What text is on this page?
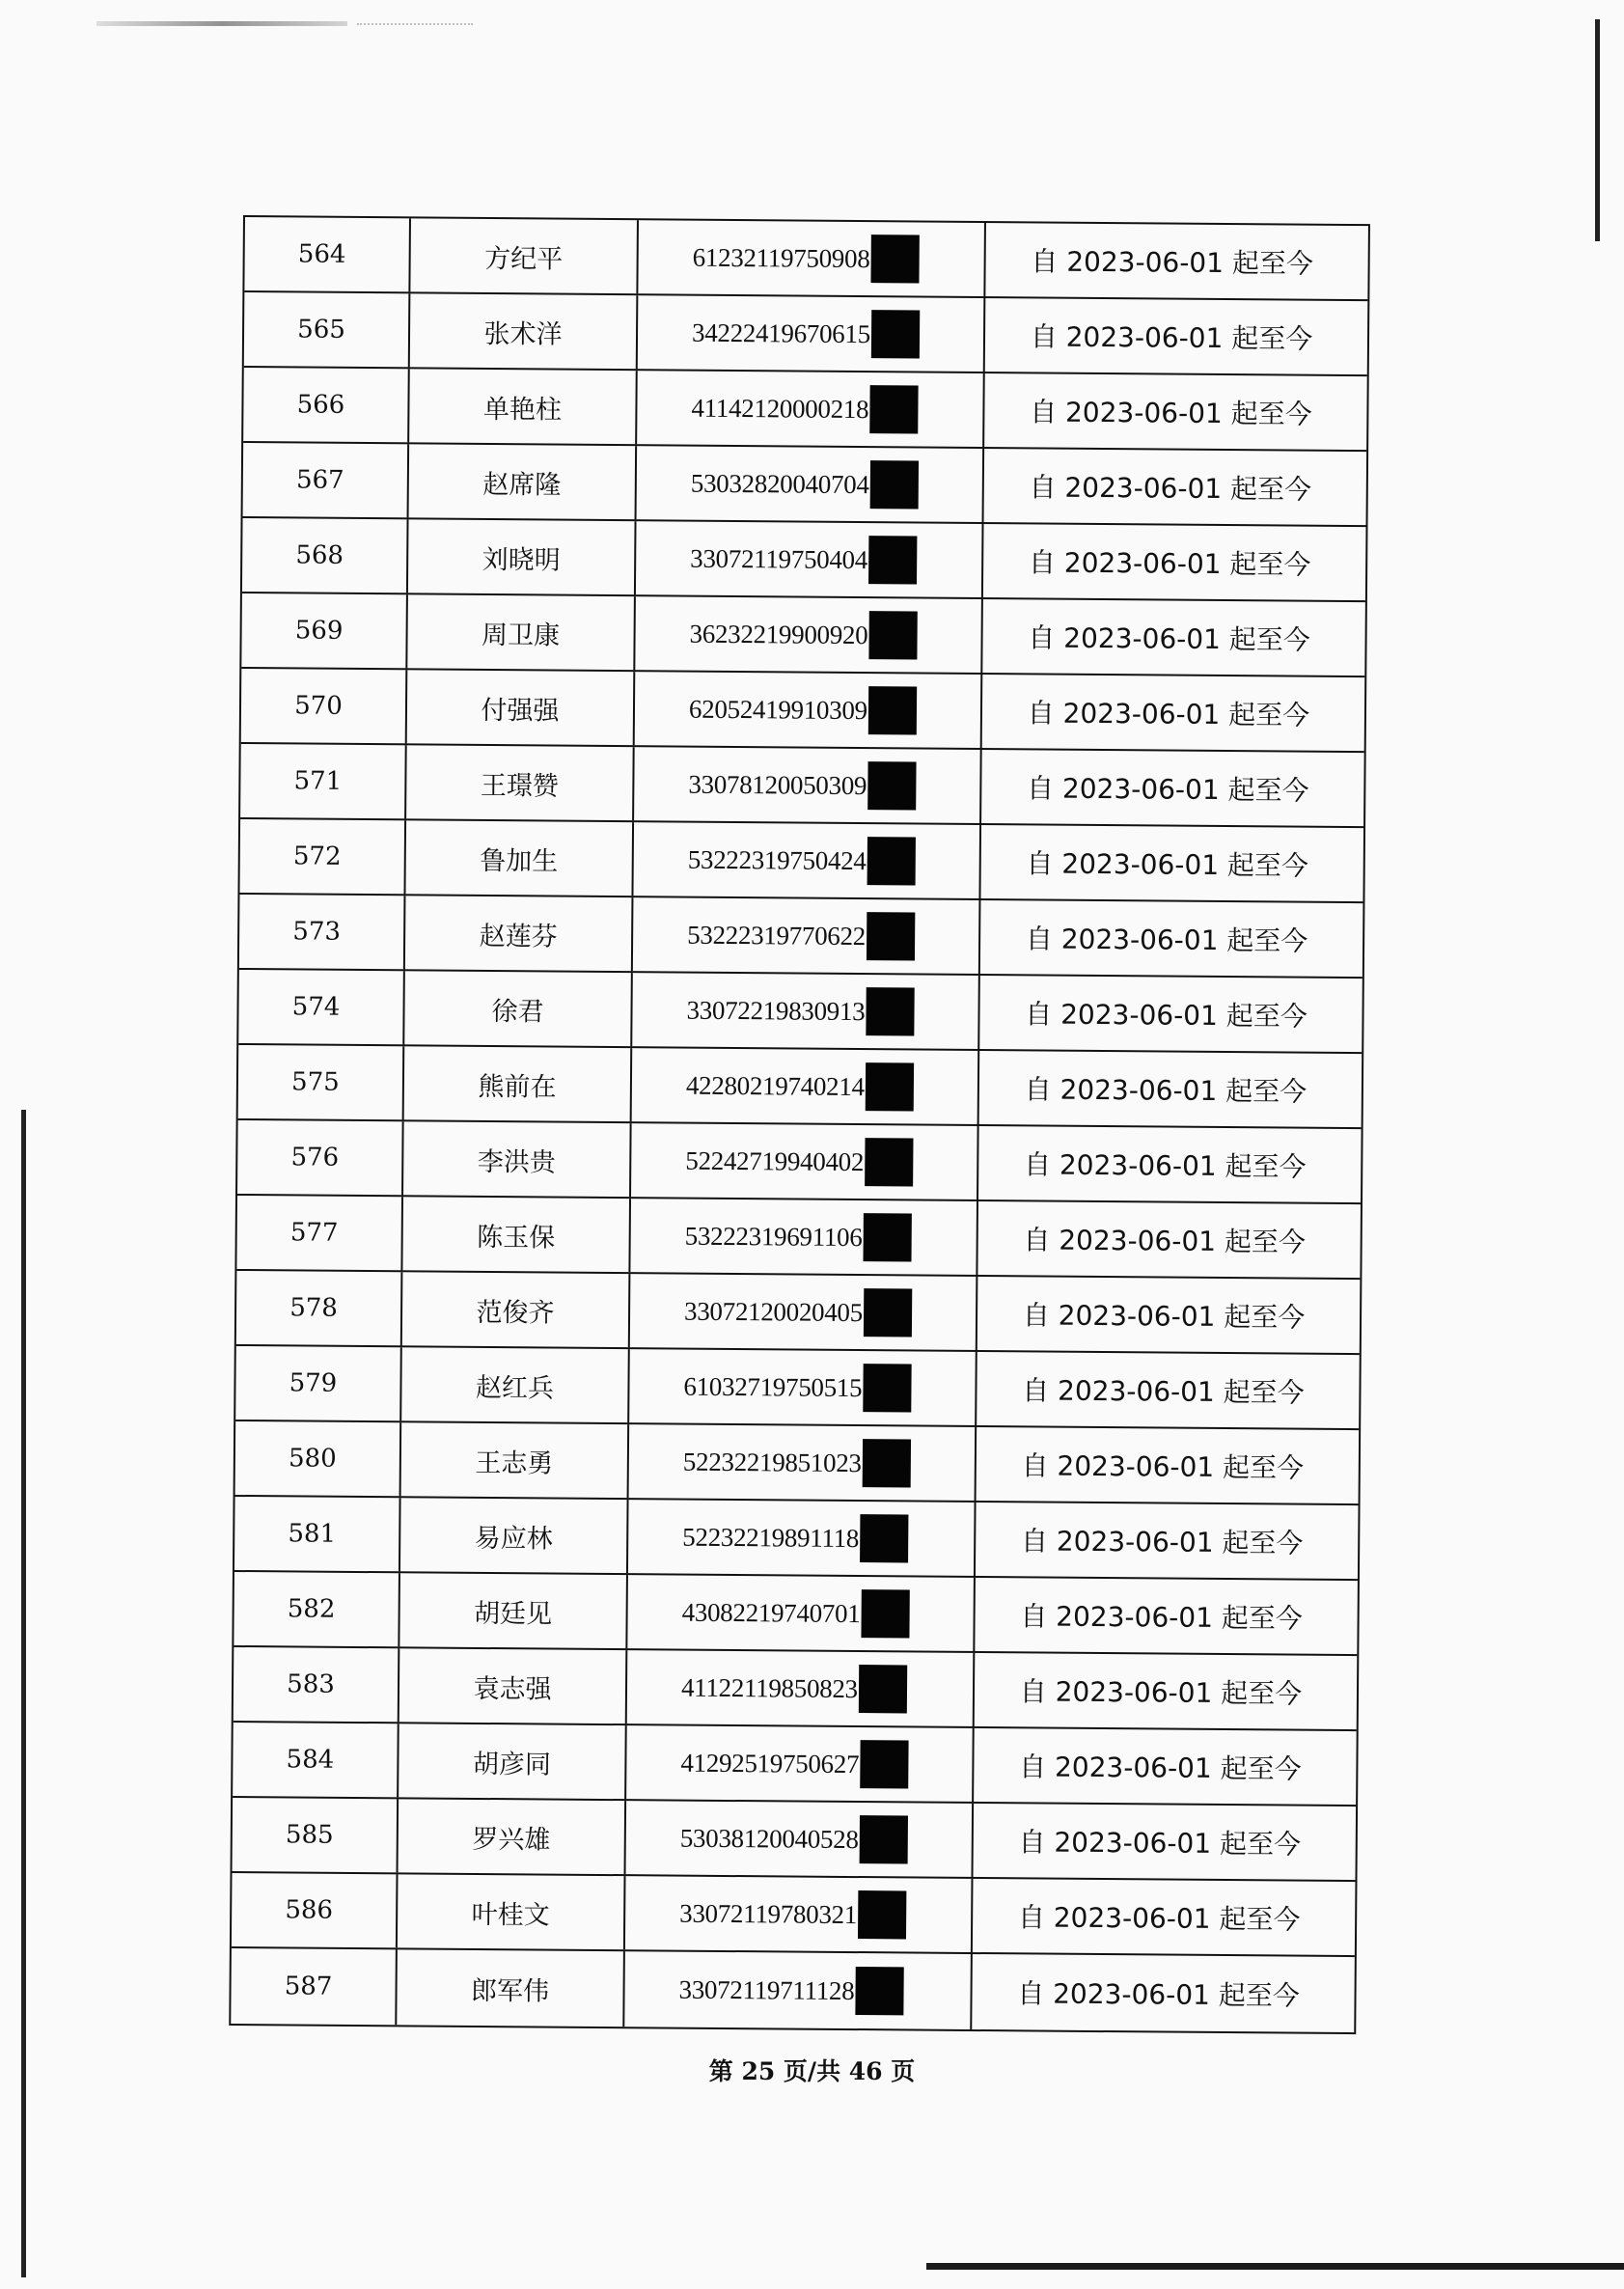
564	方纪平	61232119750908	自 2023-06-01 起至今
565	张术洋	34222419670615	自 2023-06-01 起至今
566	单艳柱	41142120000218	自 2023-06-01 起至今
567	赵席隆	53032820040704	自 2023-06-01 起至今
568	刘晓明	33072119750404	自 2023-06-01 起至今
569	周卫康	36232219900920	自 2023-06-01 起至今
570	付强强	62052419910309	自 2023-06-01 起至今
571	王璟赞	33078120050309	自 2023-06-01 起至今
572	鲁加生	53222319750424	自 2023-06-01 起至今
573	赵莲芬	53222319770622	自 2023-06-01 起至今
574	徐君	33072219830913	自 2023-06-01 起至今
575	熊前在	42280219740214	自 2023-06-01 起至今
576	李洪贵	52242719940402	自 2023-06-01 起至今
577	陈玉保	53222319691106	自 2023-06-01 起至今
578	范俊齐	33072120020405	自 2023-06-01 起至今
579	赵红兵	61032719750515	自 2023-06-01 起至今
580	王志勇	52232219851023	自 2023-06-01 起至今
581	易应林	52232219891118	自 2023-06-01 起至今
582	胡廷见	43082219740701	自 2023-06-01 起至今
583	袁志强	41122119850823	自 2023-06-01 起至今
584	胡彦同	41292519750627	自 2023-06-01 起至今
585	罗兴雄	53038120040528	自 2023-06-01 起至今
586	叶桂文	33072119780321	自 2023-06-01 起至今
587	郎军伟	33072119711128	自 2023-06-01 起至今
第 25 页/共 46 页
